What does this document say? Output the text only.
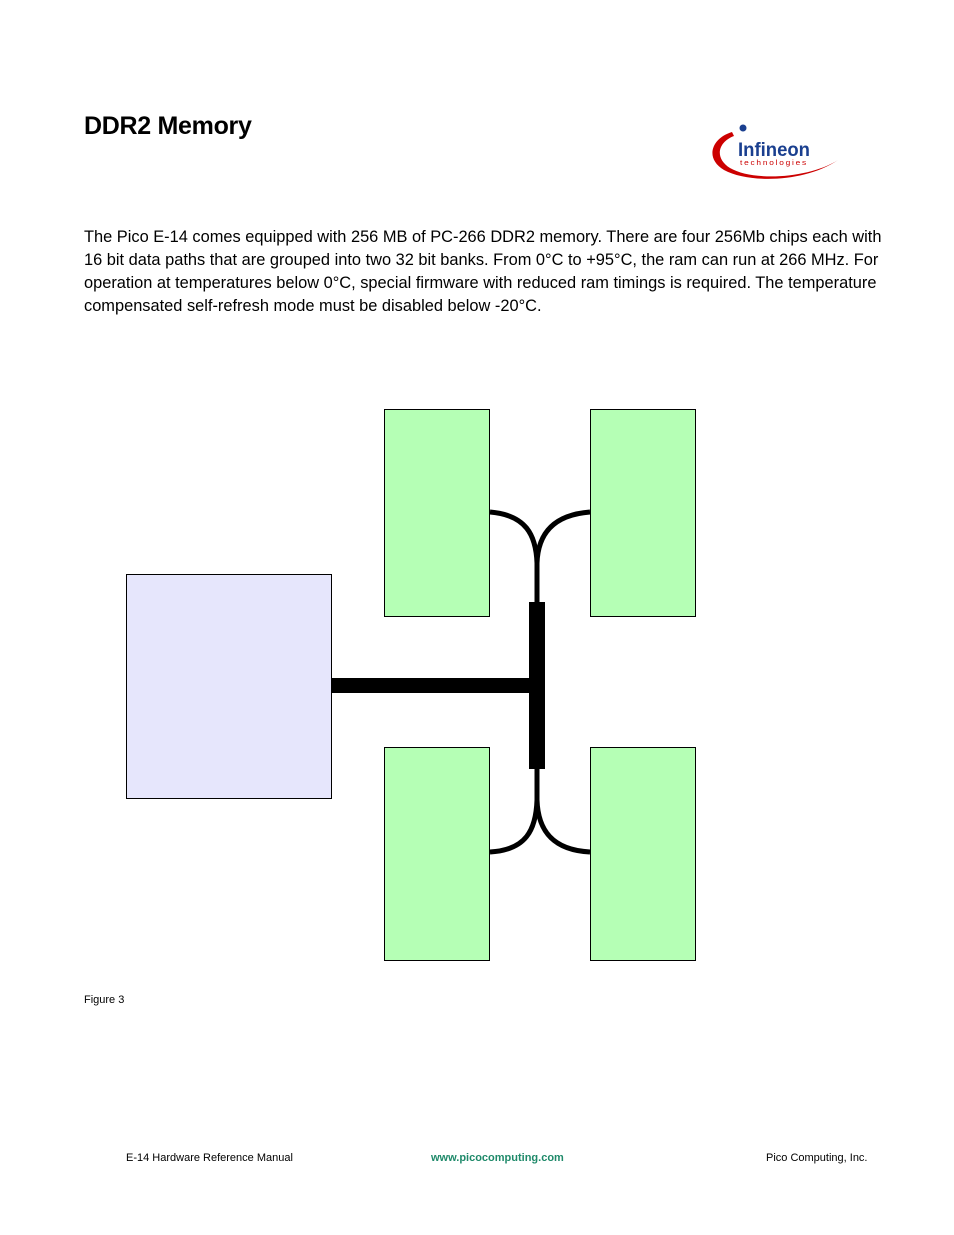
DDR2 Memory
Infineon
technologies

The Pico E-14 comes equipped with 256 MB of PC-266 DDR2 memory. There are four 256Mb chips each with 16 bit data paths that are grouped into two 32 bit banks. From 0°C to +95°C, the ram can run at 266 MHz. For operation at temperatures below 0°C, special firmware with reduced ram timings is required. The temperature compensated self-refresh mode must be disabled below -20°C.

Figure 3
E-14 Hardware Reference Manual	www.picocomputing.com	Pico Computing, Inc.
